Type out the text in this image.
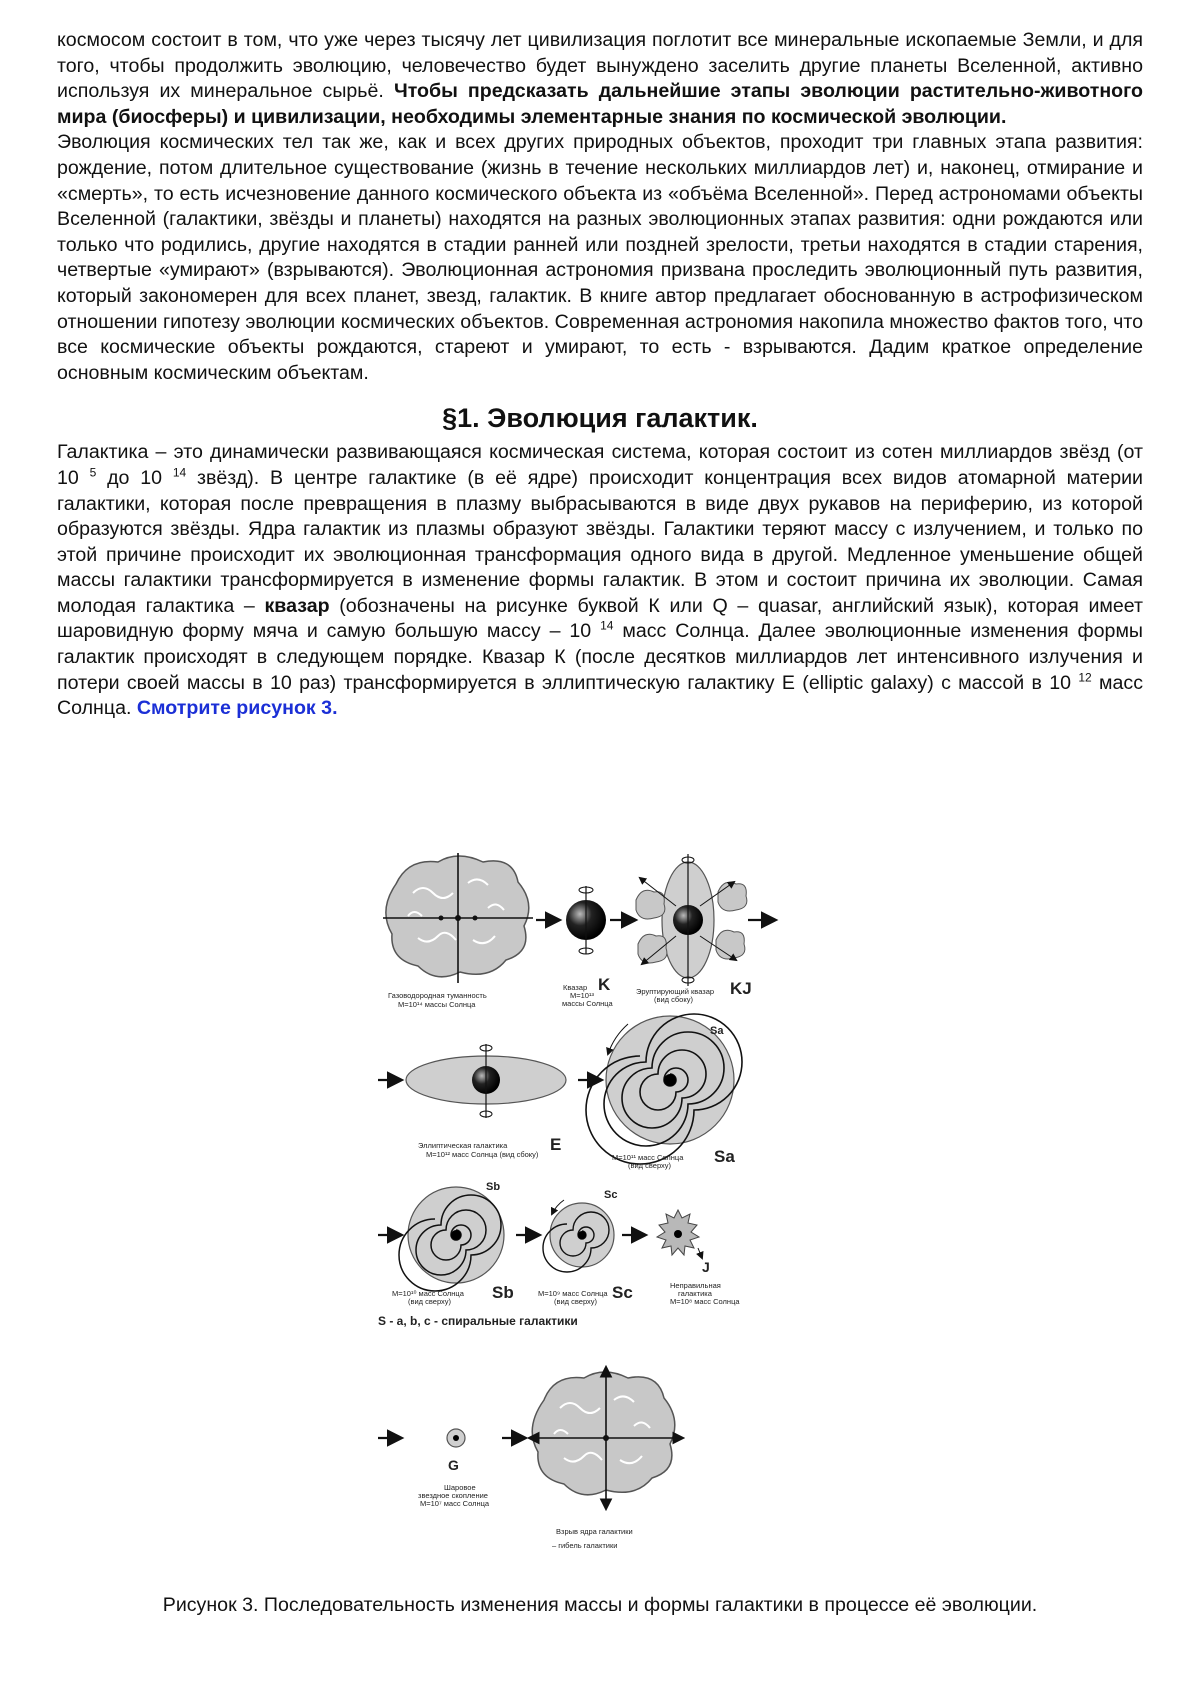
космосом состоит в том, что уже через тысячу лет цивилизация поглотит все минеральные ископаемые Земли, и для того, чтобы продолжить эволюцию, человечество будет вынуждено заселить другие планеты Вселенной, активно используя их минеральное сырьё. Чтобы предсказать дальнейшие этапы эволюции растительно-животного мира (биосферы) и цивилизации, необходимы элементарные знания по космической эволюции.

Эволюция космических тел так же, как и всех других природных объектов, проходит три главных этапа развития: рождение, потом длительное существование (жизнь в течение нескольких миллиардов лет) и, наконец, отмирание и «смерть», то есть исчезновение данного космического объекта из «объёма Вселенной». Перед астрономами объекты Вселенной (галактики, звёзды и планеты) находятся на разных эволюционных этапах развития: одни рождаются или только что родились, другие находятся в стадии ранней или поздней зрелости, третьи находятся в стадии старения, четвертые «умирают» (взрываются). Эволюционная астрономия призвана проследить эволюционный путь развития, который закономерен для всех планет, звезд, галактик. В книге автор предлагает обоснованную в астрофизическом отношении гипотезу эволюции космических объектов. Современная астрономия накопила множество фактов того, что все космические объекты рождаются, стареют и умирают, то есть - взрываются. Дадим краткое определение основным космическим объектам.

§1. Эволюция галактик.

Галактика – это динамически развивающаяся космическая система, которая состоит из сотен миллиардов звёзд (от 10 $^5$ до 10 $^{14}$ звёзд). В центре галактике (в её ядре) происходит концентрация всех видов атомарной материи галактики, которая после превращения в плазму выбрасываются в виде двух рукавов на периферию, из которой образуются звёзды. Ядра галактик из плазмы образуют звёзды. Галактики теряют массу с излучением, и только по этой причине происходит их эволюционная трансформация одного вида в другой. Медленное уменьшение общей массы галактики трансформируется в изменение формы галактик. В этом и состоит причина их эволюции. Самая молодая галактика – квазар (обозначены на рисунке буквой К или Q – quasar, английский язык), которая имеет шаровидную форму мяча и самую большую массу – 10 $^{14}$ масс Солнца. Далее эволюционные изменения формы галактик происходят в следующем порядке. Квазар К (после десятков миллиардов лет интенсивного излучения и потери своей массы в 10 раз) трансформируется в эллиптическую галактику Е (elliptic galaxy) с массой в 10 $^{12}$ масс Солнца. Смотрите рисунок 3.

Газоводородная туманность
М=10¹⁴ массы Солнца
K
Квазар
М=10¹³
массы Солнца
Эруптирующий квазар KJ
(вид сбоку)
Эллиптическая галактика	E
М=10¹² масс Солнца (вид сбоку)
Sa
М=10¹¹ масс Солнца Sa
(вид сверху)
Sb
М=10¹⁰ масс Солнца Sb
(вид сверху)
Sc
М=10⁹ масс Солнца Sc
(вид сверху)
J
Неправильная
галактика
М=10⁸ масс Солнца
S - a, b, c - спиральные галактики
G
Шаровое
звездное скопление
М=10⁷ масс Солнца
Взрыв ядра галактики
– гибель галактики
Рисунок 3. Последовательность изменения массы и формы галактики в процессе её эволюции.
